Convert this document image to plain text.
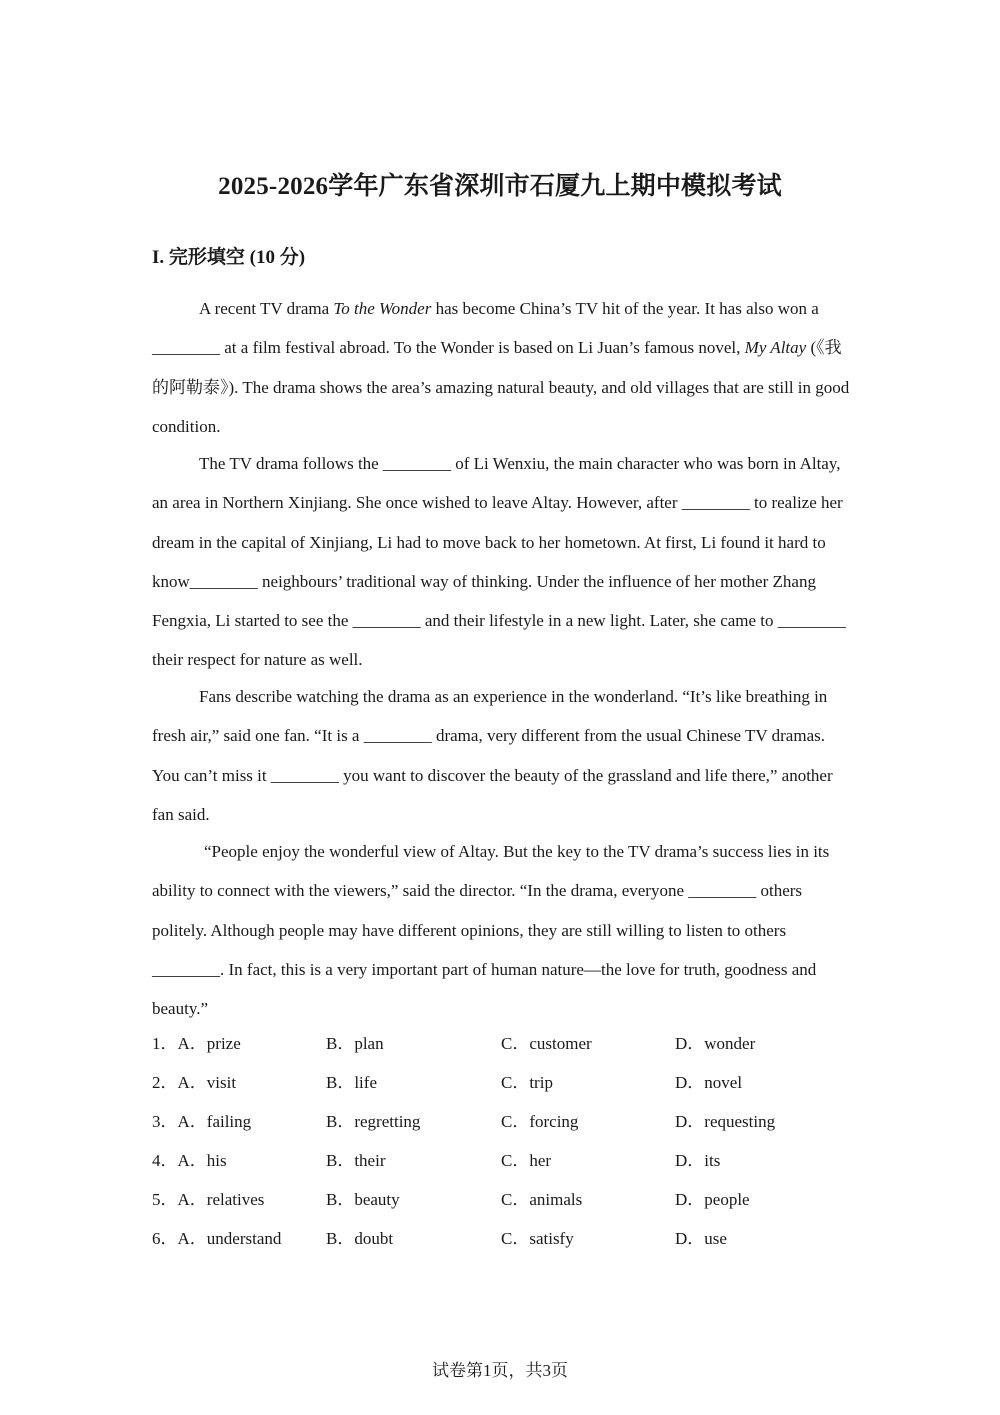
2025-2026学年广东省深圳市石厦九上期中模拟考试
I. 完形填空 (10 分)

A recent TV drama To the Wonder has become China’s TV hit of the year. It has also won a ________ at a film festival abroad. To the Wonder is based on Li Juan’s famous novel, My Altay (《我的阿勒泰》). The drama shows the area’s amazing natural beauty, and old villages that are still in good condition.

The TV drama follows the ________ of Li Wenxiu, the main character who was born in Altay, an area in Northern Xinjiang. She once wished to leave Altay. However, after ________ to realize her dream in the capital of Xinjiang, Li had to move back to her hometown. At first, Li found it hard to know________ neighbours’ traditional way of thinking. Under the influence of her mother Zhang Fengxia, Li started to see the ________ and their lifestyle in a new light. Later, she came to ________ their respect for nature as well.

Fans describe watching the drama as an experience in the wonderland. “It’s like breathing in fresh air,” said one fan. “It is a ________ drama, very different from the usual Chinese TV dramas. You can’t miss it ________ you want to discover the beauty of the grassland and life there,” another fan said.

“People enjoy the wonderful view of Altay. But the key to the TV drama’s success lies in its ability to connect with the viewers,” said the director. “In the drama, everyone ________ others politely. Although people may have different opinions, they are still willing to listen to others ________. In fact, this is a very important part of human nature—the love for truth, goodness and beauty.”

1．A．prize	B．plan	C．customer	D．wonder
2．A．visit	B．life	C．trip	D．novel
3．A．failing	B．regretting	C．forcing	D．requesting
4．A．his	B．their	C．her	D．its
5．A．relatives	B．beauty	C．animals	D．people
6．A．understand	B．doubt	C．satisfy	D．use
试卷第1页，共3页
